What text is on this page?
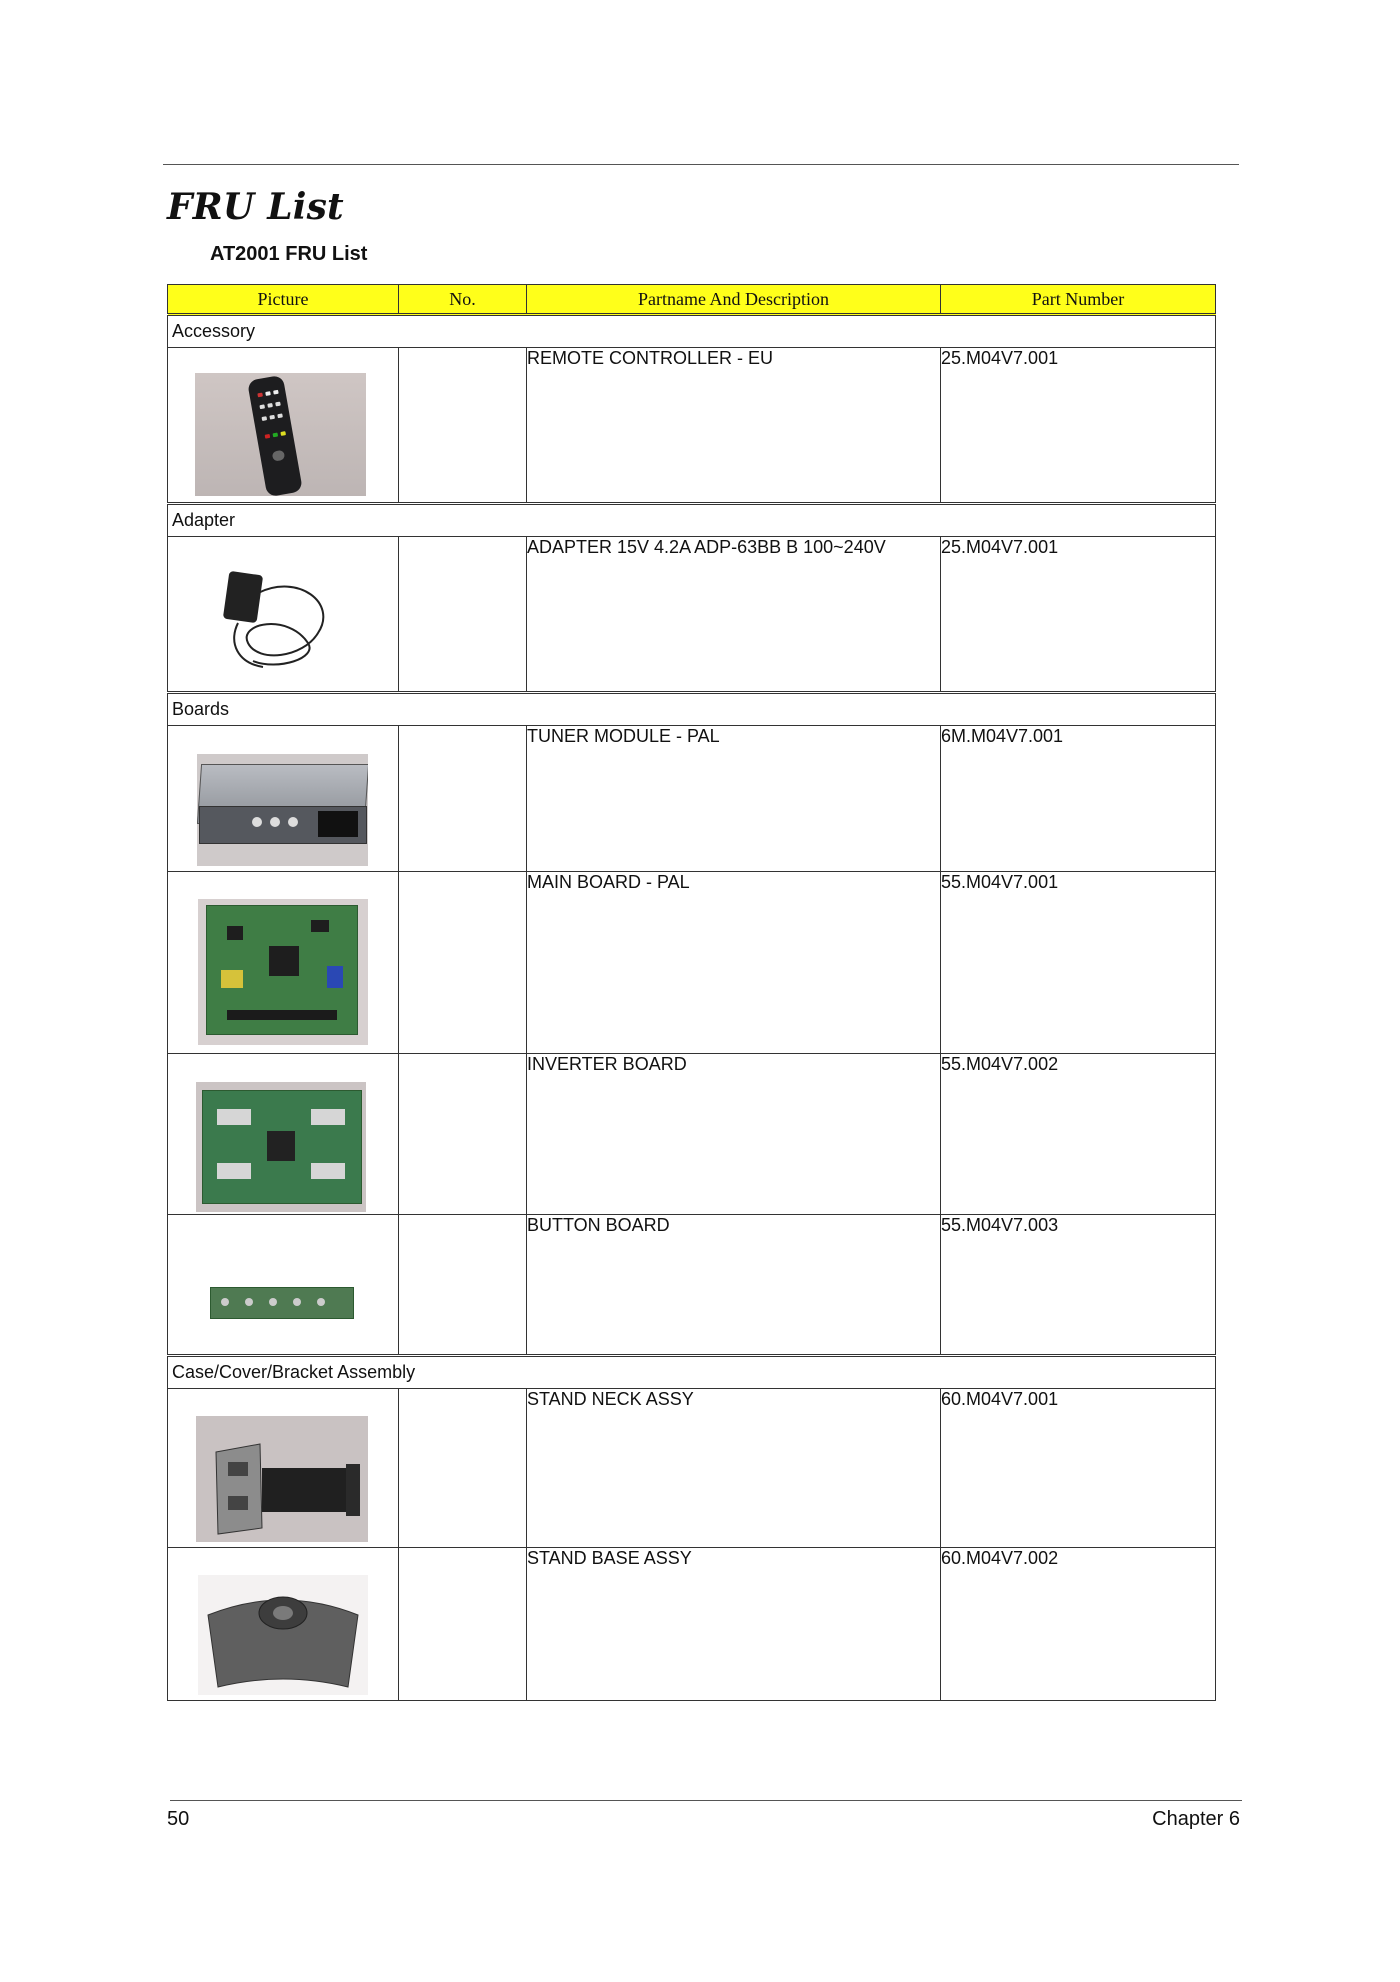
FRU List
AT2001 FRU List
Picture	No.	Partname And Description	Part Number
Accessory			

		REMOTE CONTROLLER - EU	25.M04V7.001
Adapter			

		ADAPTER 15V 4.2A ADP-63BB B 100~240V	25.M04V7.001
Boards			

		TUNER MODULE - PAL	6M.M04V7.001

		MAIN BOARD - PAL	55.M04V7.001

		INVERTER BOARD	55.M04V7.002

		BUTTON BOARD	55.M04V7.003
Case/Cover/Bracket Assembly			

		STAND NECK ASSY	60.M04V7.001

		STAND BASE ASSY	60.M04V7.002
50	Chapter 6
